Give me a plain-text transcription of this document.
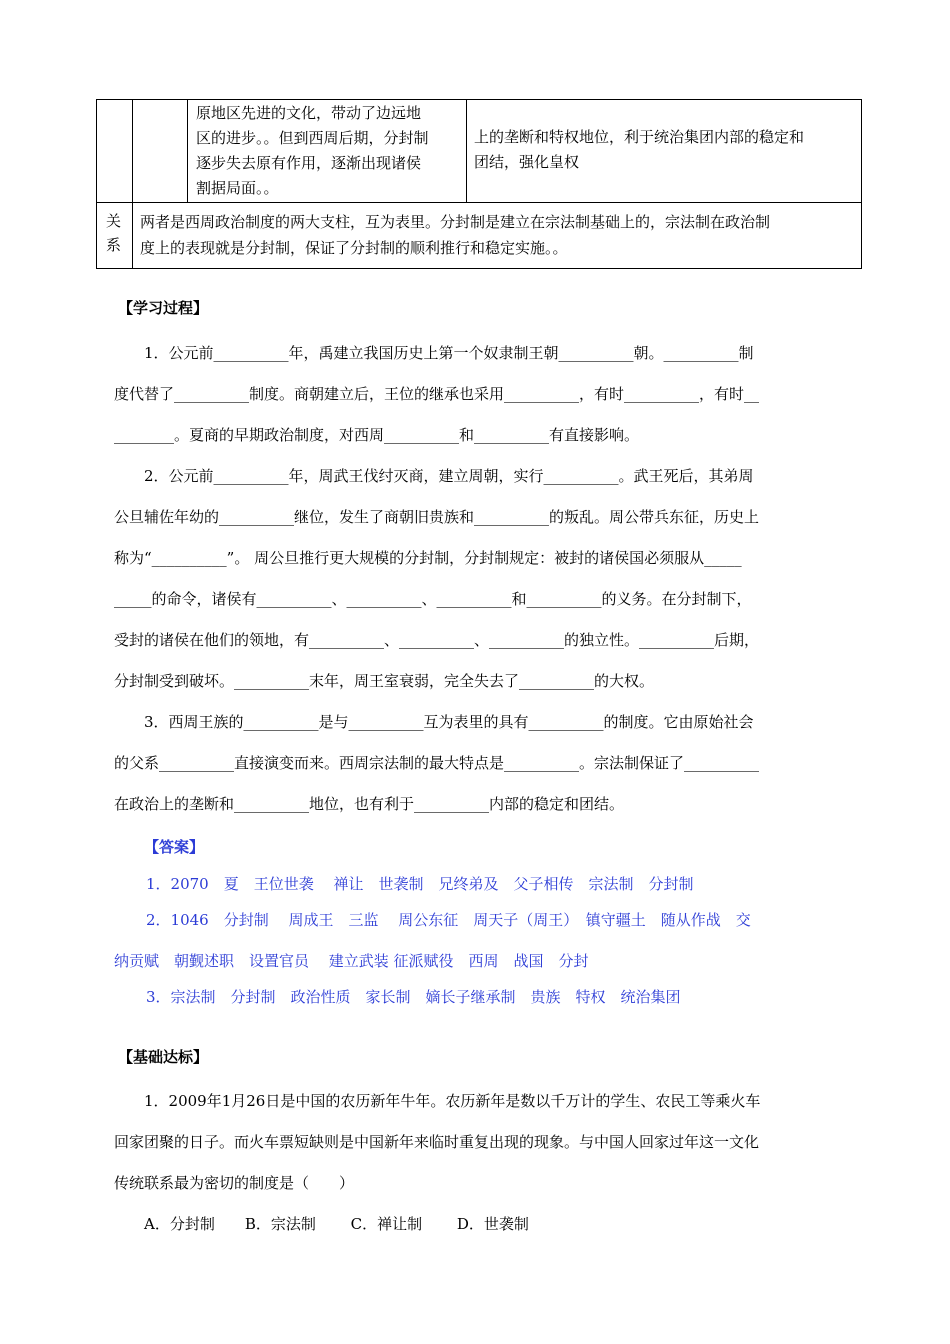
原地区先进的文化，带动了边远地
区的进步。。但到西周后期，分封制
逐步失去原有作用，逐渐出现诸侯
割据局面。。
上的垄断和特权地位，利于统治集团内部的稳定和
团结，强化皇权
关
系
两者是西周政治制度的两大支柱，互为表里。分封制是建立在宗法制基础上的，宗法制在政治制
度上的表现就是分封制，保证了分封制的顺利推行和稳定实施。。
【学习过程】
　　1．公元前__________年，禹建立我国历史上第一个奴隶制王朝__________朝。__________制
度代替了__________制度。商朝建立后，王位的继承也采用__________，有时__________，有时__
________。夏商的早期政治制度，对西周__________和__________有直接影响。
　　2．公元前__________年，周武王伐纣灭商，建立周朝，实行__________。武王死后，其弟周
公旦辅佐年幼的__________继位，发生了商朝旧贵族和__________的叛乱。周公带兵东征，历史上
称为“__________”。 周公旦推行更大规模的分封制，分封制规定：被封的诸侯国必须服从_____
_____的命令，诸侯有__________、__________、__________和__________的义务。在分封制下，
受封的诸侯在他们的领地，有__________、__________、__________的独立性。__________后期，
分封制受到破坏。__________末年，周王室衰弱，完全失去了__________的大权。
　　3．西周王族的__________是与__________互为表里的具有__________的制度。它由原始社会
的父系__________直接演变而来。西周宗法制的最大特点是__________。宗法制保证了__________
在政治上的垄断和__________地位，也有利于__________内部的稳定和团结。
【答案】
1．2070　夏　王位世袭　 禅让　世袭制　兄终弟及　父子相传　宗法制　分封制
2．1046　分封制　 周成王　三监　 周公东征　周天子（周王）　镇守疆土　随从作战　交
纳贡赋　朝觐述职　设置官员　 建立武装 征派赋役　西周　战国　分封
3．宗法制　分封制　政治性质　家长制　嫡长子继承制　贵族　特权　统治集团
【基础达标】
　　1．2009年1月26日是中国的农历新年牛年。农历新年是数以千万计的学生、农民工等乘火车
回家团聚的日子。而火车票短缺则是中国新年来临时重复出现的现象。与中国人回家过年这一文化
传统联系最为密切的制度是（　　）
　　A．分封制　　B．宗法制　　 C．禅让制　　 D．世袭制
